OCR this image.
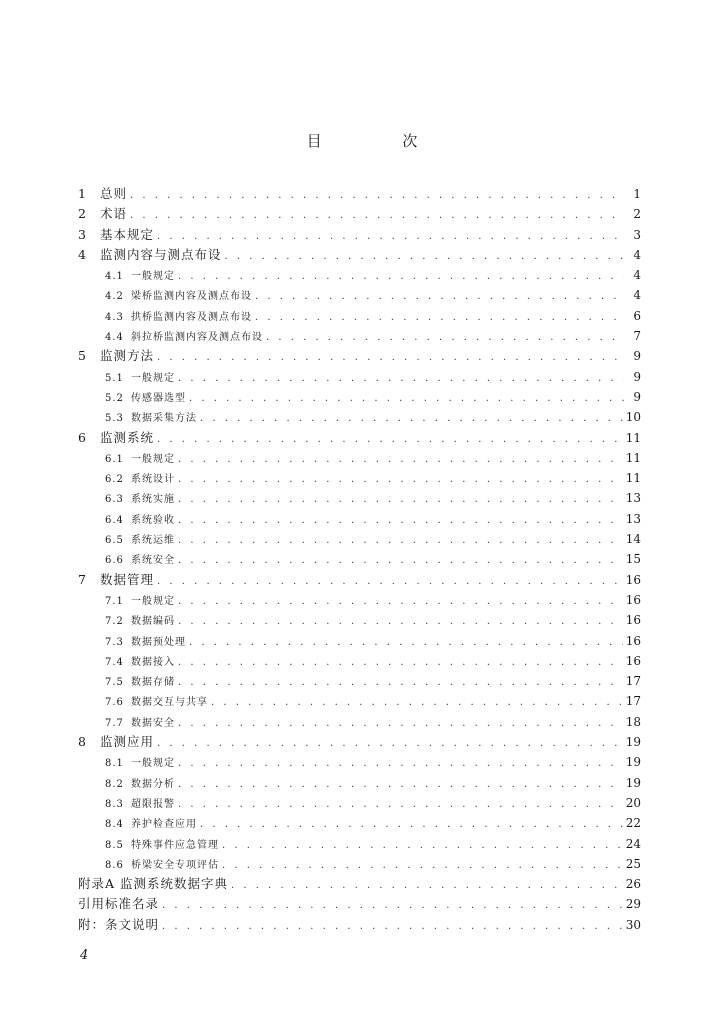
目 次
1	总则 . . .	1
2	术语 . . .	2
3	基本规定 . . .	3
4	监测内容与测点布设 . . .	4
4.1 一般规定 . . .	4
4.2 梁桥监测内容及测点布设 . . .	4
4.3 拱桥监测内容及测点布设 . . .	6
4.4 斜拉桥监测内容及测点布设 . . .	7
5	监测方法 . . .	9
5.1 一般规定 . . .	9
5.2 传感器选型 . . .	9
5.3 数据采集方法 . . .	10
6	监测系统 . . .	11
6.1 一般规定 . . .	11
6.2 系统设计 . . .	11
6.3 系统实施 . . .	13
6.4 系统验收 . . .	13
6.5 系统运维 . . .	14
6.6 系统安全 . . .	15
7	数据管理 . . .	16
7.1 一般规定 . . .	16
7.2 数据编码 . . .	16
7.3 数据预处理 . . .	16
7.4 数据接入 . . .	16
7.5 数据存储 . . .	17
7.6 数据交互与共享 . . .	17
7.7 数据安全 . . .	18
8	监测应用 . . .	19
8.1 一般规定 . . .	19
8.2 数据分析 . . .	19
8.3 超限报警 . . .	20
8.4 养护检查应用 . . .	22
8.5 特殊事件应急管理 . . .	24
8.6 桥梁安全专项评估 . . .	25
附录A 监测系统数据字典 . . .	26
引用标准名录 . . .	29
附：条文说明 . . .	30
4
